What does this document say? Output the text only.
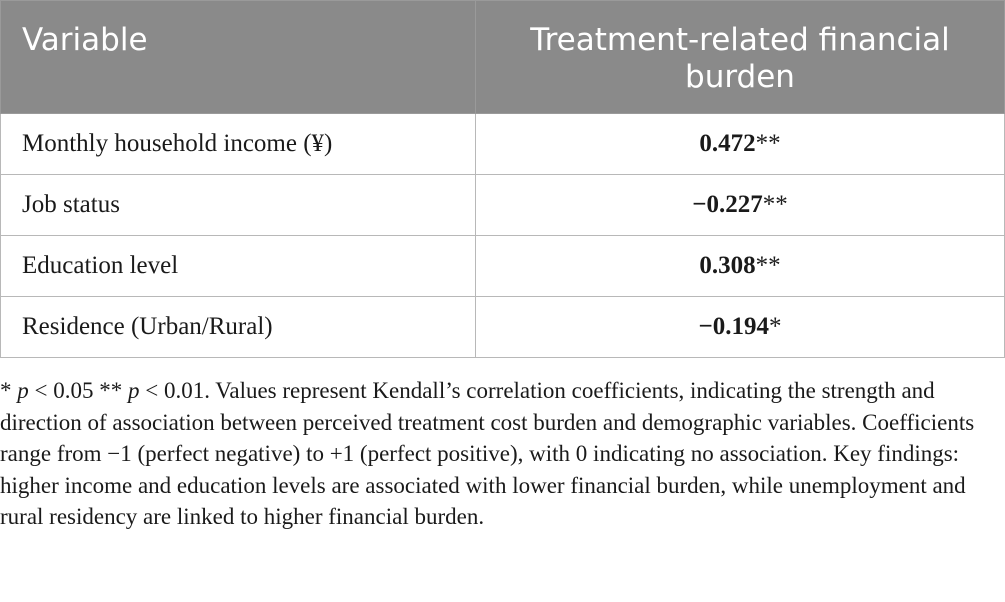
Variable	Treatment-related financial burden
Monthly household income (¥)	0.472**
Job status	−0.227**
Education level	0.308**
Residence (Urban/Rural)	−0.194*

* p < 0.05 ** p < 0.01. Values represent Kendall’s correlation coefficients, indicating the strength and direction of association between perceived treatment cost burden and demographic variables. Coefficients range from −1 (perfect negative) to +1 (perfect positive), with 0 indicating no association. Key findings: higher income and education levels are associated with lower financial burden, while unemployment and rural residency are linked to higher financial burden.
